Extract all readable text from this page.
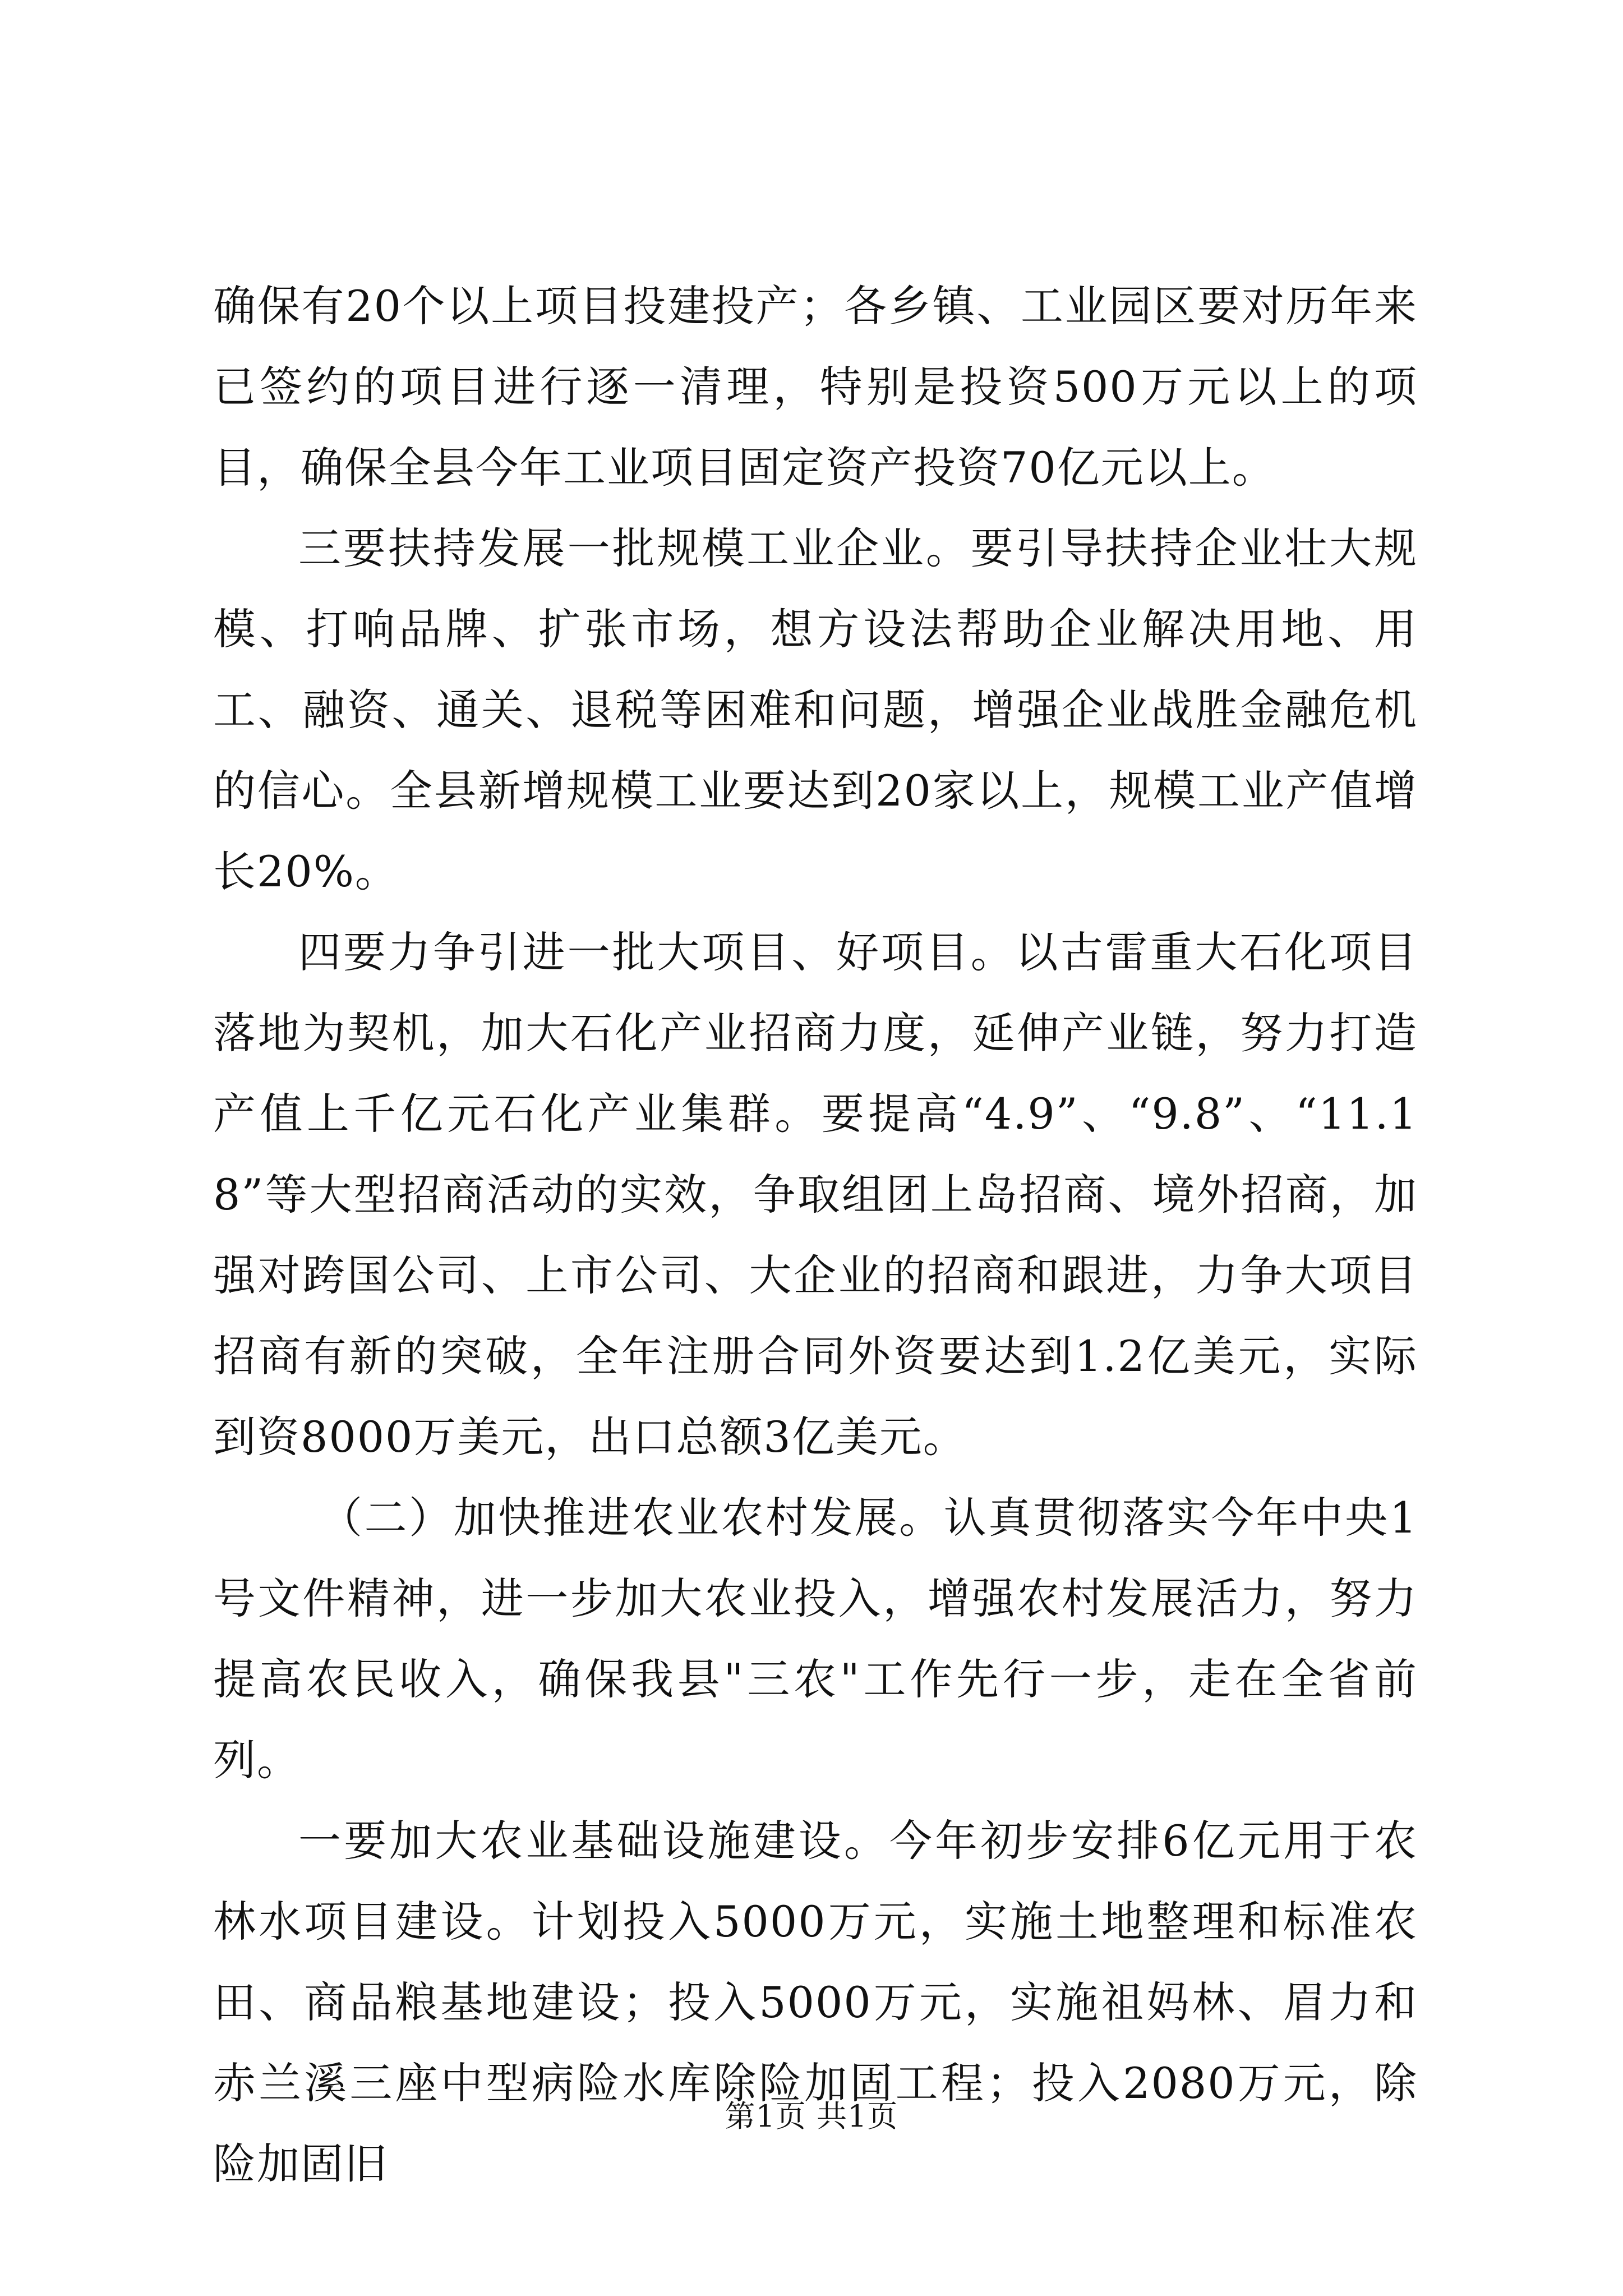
确保有20个以上项目投建投产；各乡镇、工业园区要对历年来已签约的项目进行逐一清理，特别是投资500万元以上的项目，确保全县今年工业项目固定资产投资70亿元以上。

三要扶持发展一批规模工业企业。要引导扶持企业壮大规模、打响品牌、扩张市场，想方设法帮助企业解决用地、用工、融资、通关、退税等困难和问题，增强企业战胜金融危机的信心。全县新增规模工业要达到20家以上，规模工业产值增长20%。

四要力争引进一批大项目、好项目。以古雷重大石化项目落地为契机，加大石化产业招商力度，延伸产业链，努力打造产值上千亿元石化产业集群。要提高“4.9”、“9.8”、“11.18”等大型招商活动的实效，争取组团上岛招商、境外招商，加强对跨国公司、上市公司、大企业的招商和跟进，力争大项目招商有新的突破，全年注册合同外资要达到1.2亿美元，实际到资8000万美元，出口总额3亿美元。

（二）加快推进农业农村发展。认真贯彻落实今年中央1号文件精神，进一步加大农业投入，增强农村发展活力，努力提高农民收入，确保我县"三农"工作先行一步，走在全省前列。

一要加大农业基础设施建设。今年初步安排6亿元用于农林水项目建设。计划投入5000万元，实施土地整理和标准农田、商品粮基地建设；投入5000万元，实施祖妈林、眉力和赤兰溪三座中型病险水库除险加固工程；投入2080万元，除险加固旧

第1页 共1页
